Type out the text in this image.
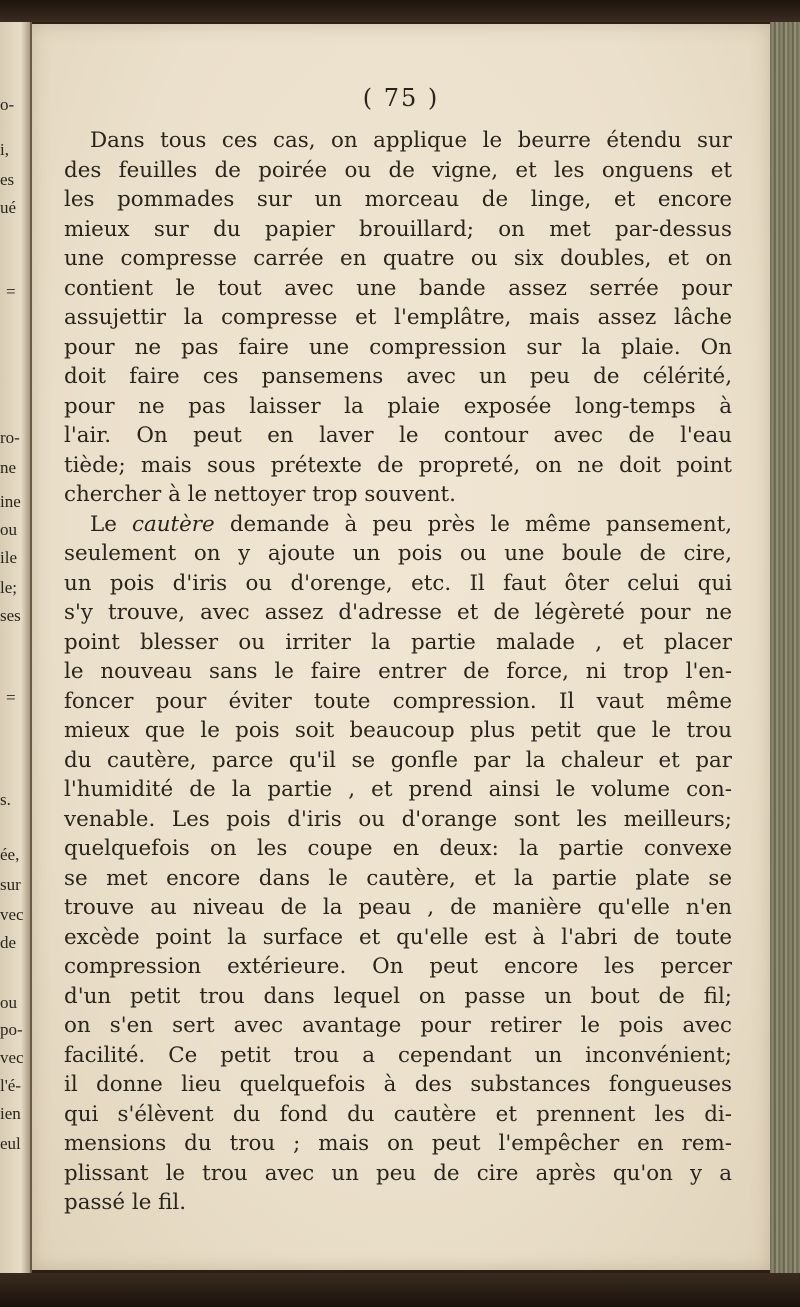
o-
i,
es
ué
=
ro-
ne
ine
ou
ile
le;
ses
=
s.
ée,
sur
vec
de
ou
po-
vec
l'é-
ien
eul
( 75 )
Dans tous ces cas, on applique le beurre étendu sur
des feuilles de poirée ou de vigne, et les onguens et
les pommades sur un morceau de linge, et encore
mieux sur du papier brouillard; on met par-dessus
une compresse carrée en quatre ou six doubles, et on
contient le tout avec une bande assez serrée pour
assujettir la compresse et l'emplâtre, mais assez lâche
pour ne pas faire une compression sur la plaie. On
doit faire ces pansemens avec un peu de célérité,
pour ne pas laisser la plaie exposée long-temps à
l'air. On peut en laver le contour avec de l'eau
tiède; mais sous prétexte de propreté, on ne doit point
chercher à le nettoyer trop souvent.
Le cautère demande à peu près le même pansement,
seulement on y ajoute un pois ou une boule de cire,
un pois d'iris ou d'orenge, etc. Il faut ôter celui qui
s'y trouve, avec assez d'adresse et de légèreté pour ne
point blesser ou irriter la partie malade , et placer
le nouveau sans le faire entrer de force, ni trop l'en-
foncer pour éviter toute compression. Il vaut même
mieux que le pois soit beaucoup plus petit que le trou
du cautère, parce qu'il se gonfle par la chaleur et par
l'humidité de la partie , et prend ainsi le volume con-
venable. Les pois d'iris ou d'orange sont les meilleurs;
quelquefois on les coupe en deux: la partie convexe
se met encore dans le cautère, et la partie plate se
trouve au niveau de la peau , de manière qu'elle n'en
excède point la surface et qu'elle est à l'abri de toute
compression extérieure. On peut encore les percer
d'un petit trou dans lequel on passe un bout de fil;
on s'en sert avec avantage pour retirer le pois avec
facilité. Ce petit trou a cependant un inconvénient;
il donne lieu quelquefois à des substances fongueuses
qui s'élèvent du fond du cautère et prennent les di-
mensions du trou ; mais on peut l'empêcher en rem-
plissant le trou avec un peu de cire après qu'on y a
passé le fil.
